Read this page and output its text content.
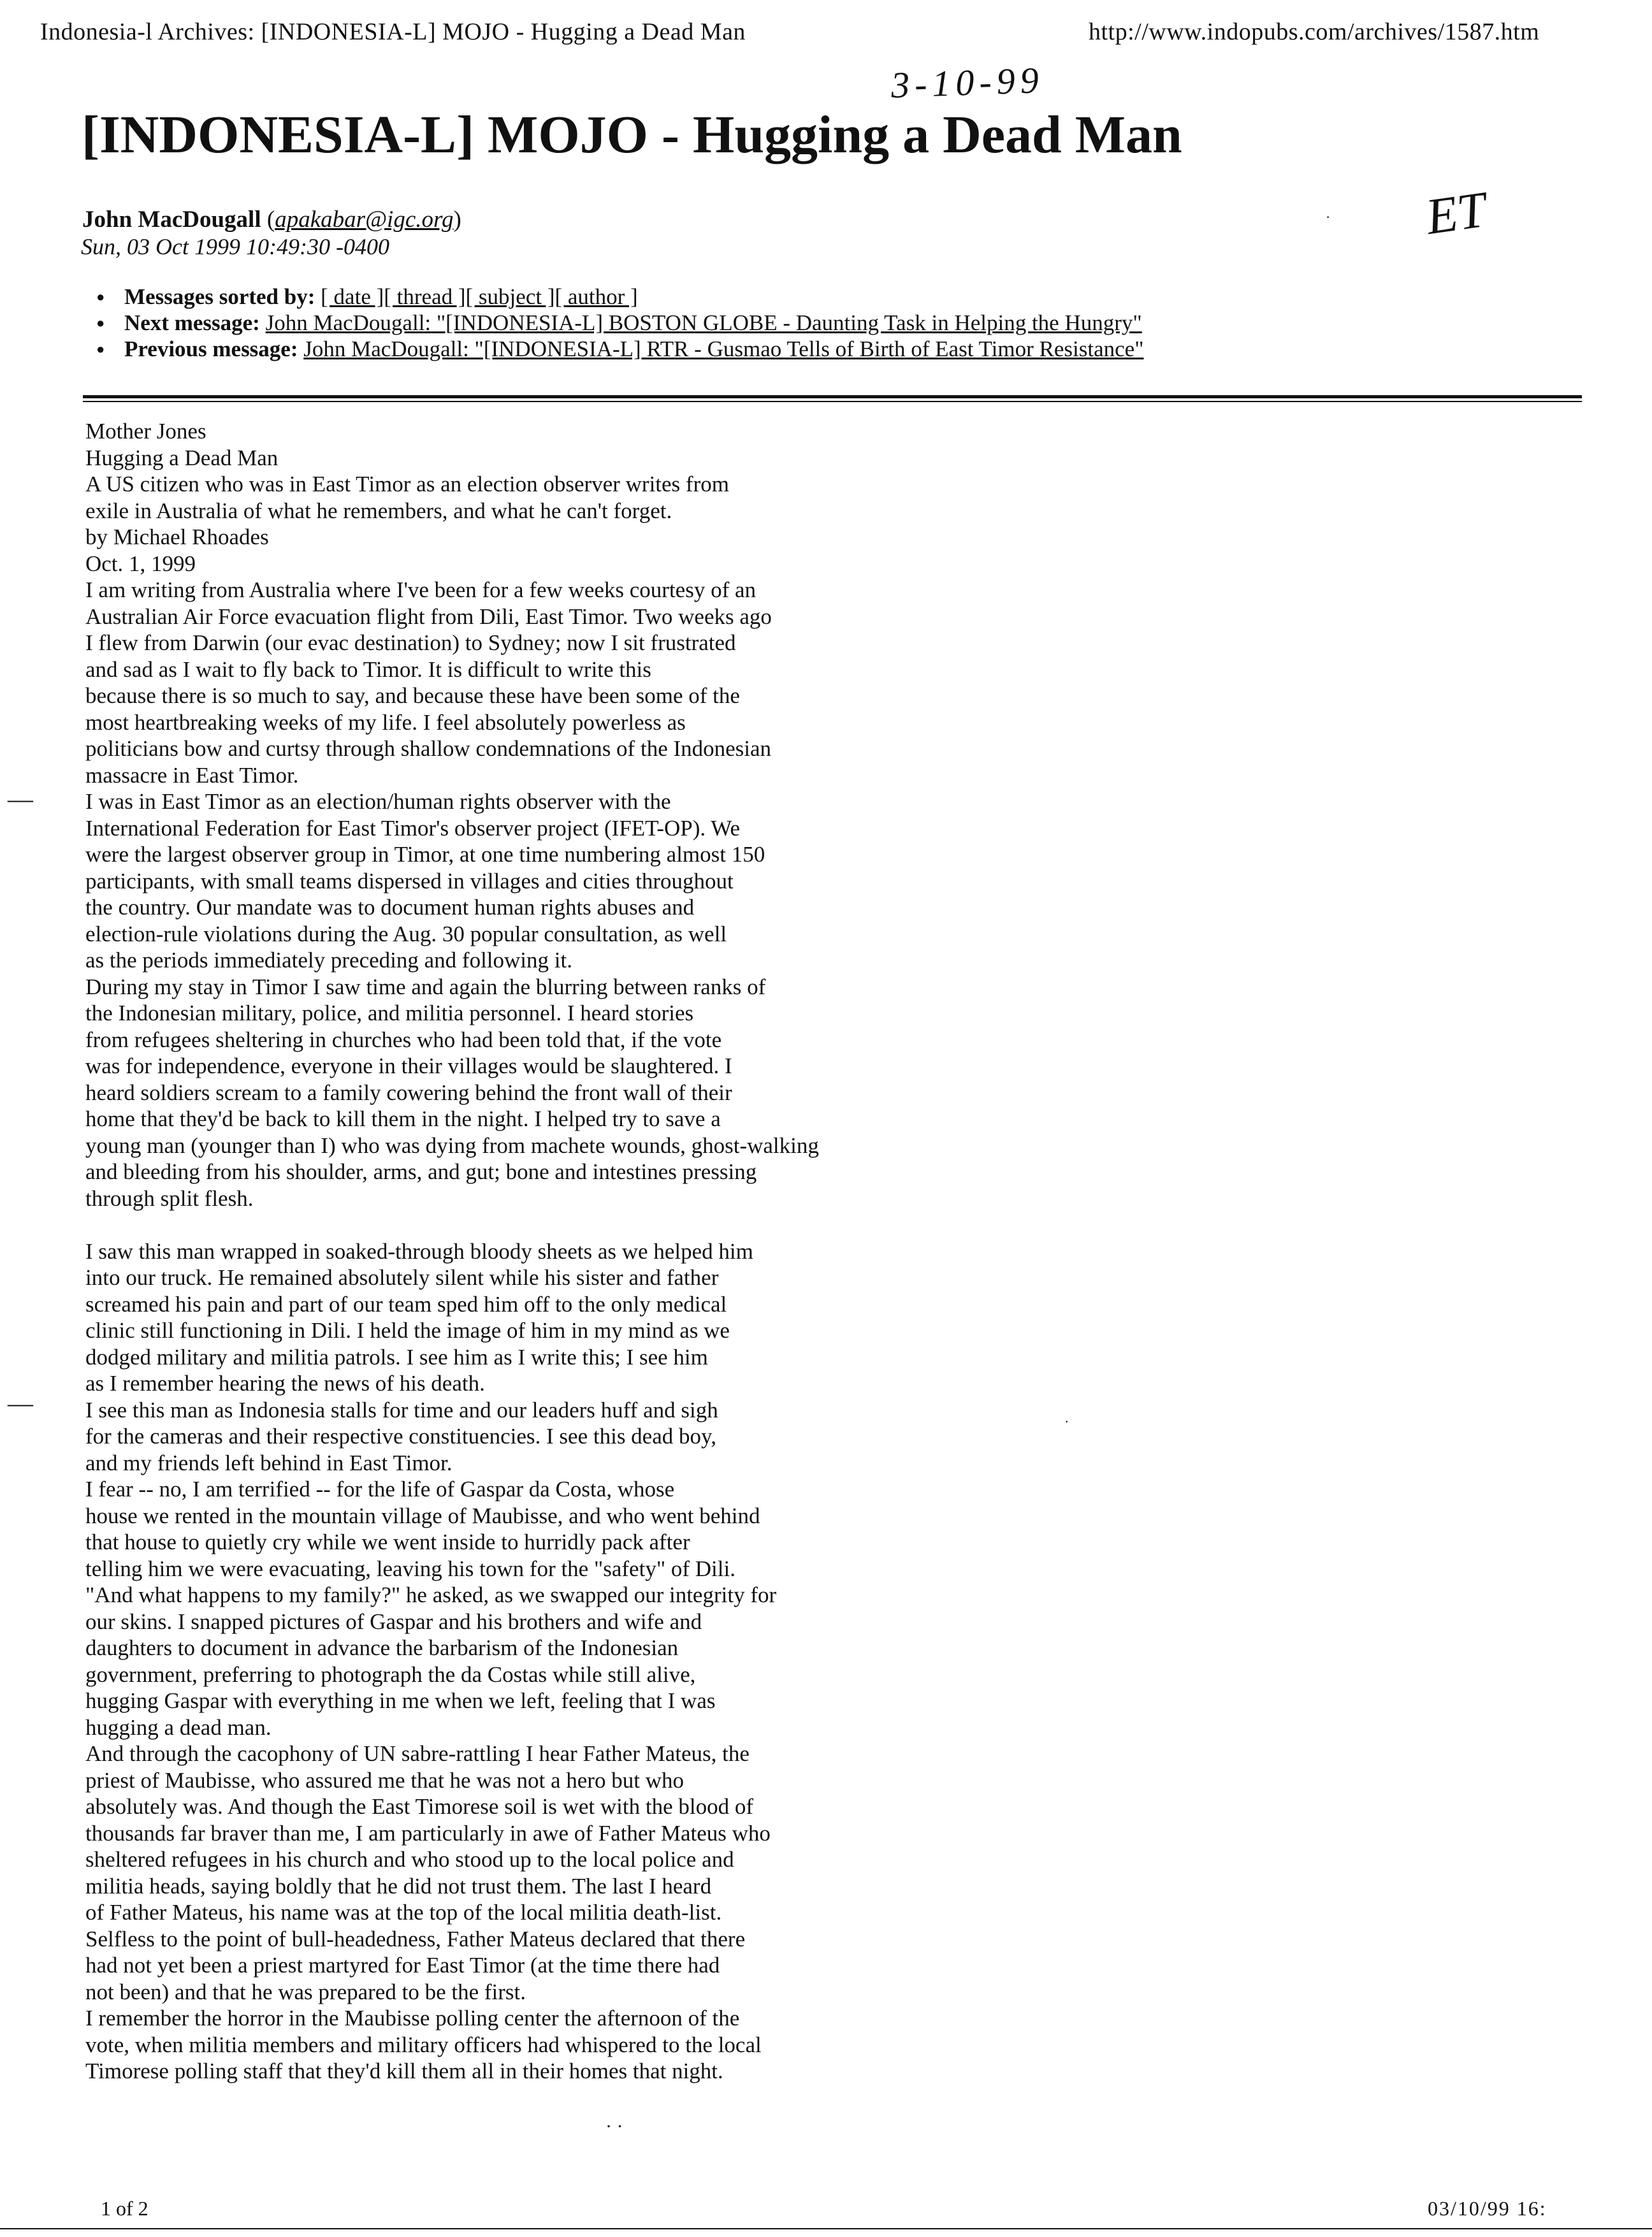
Indonesia-l Archives: [INDONESIA-L] MOJO - Hugging a Dead Man	http://www.indopubs.com/archives/1587.htm
3-10-99
ET
[INDONESIA-L] MOJO - Hugging a Dead Man
John MacDougall (apakabar@igc.org)
Sun, 03 Oct 1999 10:49:30 -0400
● Messages sorted by: [ date ][ thread ][ subject ][ author ]
● Next message: John MacDougall: "[INDONESIA-L] BOSTON GLOBE - Daunting Task in Helping the Hungry"
● Previous message: John MacDougall: "[INDONESIA-L] RTR - Gusmao Tells of Birth of East Timor Resistance"
Mother Jones
Hugging a Dead Man
A US citizen who was in East Timor as an election observer writes from
exile in Australia of what he remembers, and what he can't forget.
by Michael Rhoades
Oct. 1, 1999
I am writing from Australia where I've been for a few weeks courtesy of an
Australian Air Force evacuation flight from Dili, East Timor. Two weeks ago
I flew from Darwin (our evac destination) to Sydney; now I sit frustrated
and sad as I wait to fly back to Timor. It is difficult to write this
because there is so much to say, and because these have been some of the
most heartbreaking weeks of my life. I feel absolutely powerless as
politicians bow and curtsy through shallow condemnations of the Indonesian
massacre in East Timor.
I was in East Timor as an election/human rights observer with the
International Federation for East Timor's observer project (IFET-OP). We
were the largest observer group in Timor, at one time numbering almost 150
participants, with small teams dispersed in villages and cities throughout
the country. Our mandate was to document human rights abuses and
election-rule violations during the Aug. 30 popular consultation, as well
as the periods immediately preceding and following it.
During my stay in Timor I saw time and again the blurring between ranks of
the Indonesian military, police, and militia personnel. I heard stories
from refugees sheltering in churches who had been told that, if the vote
was for independence, everyone in their villages would be slaughtered. I
heard soldiers scream to a family cowering behind the front wall of their
home that they'd be back to kill them in the night. I helped try to save a
young man (younger than I) who was dying from machete wounds, ghost-walking
and bleeding from his shoulder, arms, and gut; bone and intestines pressing
through split flesh.
I saw this man wrapped in soaked-through bloody sheets as we helped him
into our truck. He remained absolutely silent while his sister and father
screamed his pain and part of our team sped him off to the only medical
clinic still functioning in Dili. I held the image of him in my mind as we
dodged military and militia patrols. I see him as I write this; I see him
as I remember hearing the news of his death.
I see this man as Indonesia stalls for time and our leaders huff and sigh
for the cameras and their respective constituencies. I see this dead boy,
and my friends left behind in East Timor.
I fear -- no, I am terrified -- for the life of Gaspar da Costa, whose
house we rented in the mountain village of Maubisse, and who went behind
that house to quietly cry while we went inside to hurridly pack after
telling him we were evacuating, leaving his town for the "safety" of Dili.
"And what happens to my family?" he asked, as we swapped our integrity for
our skins. I snapped pictures of Gaspar and his brothers and wife and
daughters to document in advance the barbarism of the Indonesian
government, preferring to photograph the da Costas while still alive,
hugging Gaspar with everything in me when we left, feeling that I was
hugging a dead man.
And through the cacophony of UN sabre-rattling I hear Father Mateus, the
priest of Maubisse, who assured me that he was not a hero but who
absolutely was. And though the East Timorese soil is wet with the blood of
thousands far braver than me, I am particularly in awe of Father Mateus who
sheltered refugees in his church and who stood up to the local police and
militia heads, saying boldly that he did not trust them. The last I heard
of Father Mateus, his name was at the top of the local militia death-list.
Selfless to the point of bull-headedness, Father Mateus declared that there
had not yet been a priest martyred for East Timor (at the time there had
not been) and that he was prepared to be the first.
I remember the horror in the Maubisse polling center the afternoon of the
vote, when militia members and military officers had whispered to the local
Timorese polling staff that they'd kill them all in their homes that night.
—
—
·
·
· ·
1 of 2	03/10/99 16:
